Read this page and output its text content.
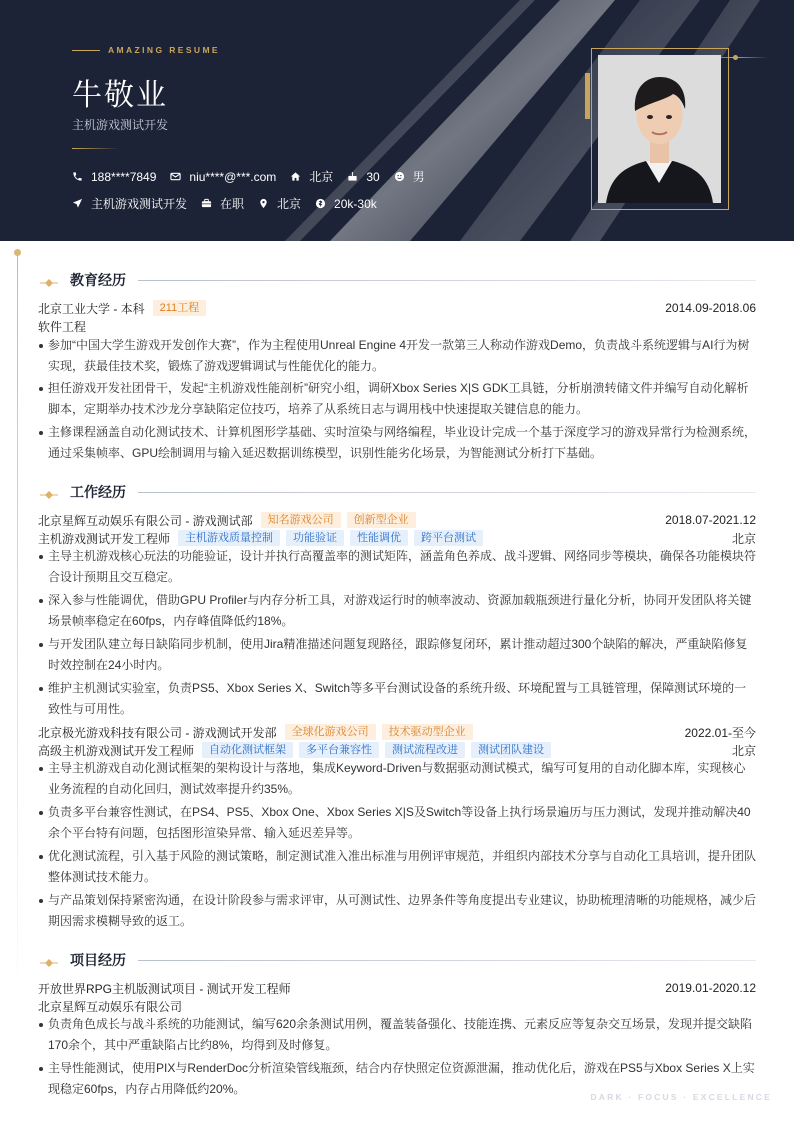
AMAZING RESUME
牛敬业
主机游戏测试开发
188****7849	niu****@***.com	北京	30	男
主机游戏测试开发	在职	北京	20k-30k
教育经历
北京工业大学 - 本科	211工程	2014.09-2018.06
软件工程
参加“中国大学生游戏开发创作大赛”，作为主程使用Unreal Engine 4开发一款第三人称动作游戏Demo，负责战斗系统逻辑与AI行为树实现，获最佳技术奖，锻炼了游戏逻辑调试与性能优化的能力。
担任游戏开发社团骨干，发起“主机游戏性能剖析”研究小组，调研Xbox Series X|S GDK工具链，分析崩溃转储文件并编写自动化解析脚本，定期举办技术沙龙分享缺陷定位技巧，培养了从系统日志与调用栈中快速提取关键信息的能力。
主修课程涵盖自动化测试技术、计算机图形学基础、实时渲染与网络编程，毕业设计完成一个基于深度学习的游戏异常行为检测系统，通过采集帧率、GPU绘制调用与输入延迟数据训练模型，识别性能劣化场景，为智能测试分析打下基础。
工作经历
北京星辉互动娱乐有限公司 - 游戏测试部	知名游戏公司	创新型企业	2018.07-2021.12
主机游戏测试开发工程师	主机游戏质量控制	功能验证	性能调优	跨平台测试	北京
主导主机游戏核心玩法的功能验证，设计并执行高覆盖率的测试矩阵，涵盖角色养成、战斗逻辑、网络同步等模块，确保各功能模块符合设计预期且交互稳定。
深入参与性能调优，借助GPU Profiler与内存分析工具，对游戏运行时的帧率波动、资源加载瓶颈进行量化分析，协同开发团队将关键场景帧率稳定在60fps，内存峰值降低约18%。
与开发团队建立每日缺陷同步机制，使用Jira精准描述问题复现路径，跟踪修复闭环，累计推动超过300个缺陷的解决，严重缺陷修复时效控制在24小时内。
维护主机测试实验室，负责PS5、Xbox Series X、Switch等多平台测试设备的系统升级、环境配置与工具链管理，保障测试环境的一致性与可用性。
北京极光游戏科技有限公司 - 游戏测试开发部	全球化游戏公司	技术驱动型企业	2022.01-至今
高级主机游戏测试开发工程师	自动化测试框架	多平台兼容性	测试流程改进	测试团队建设	北京
主导主机游戏自动化测试框架的架构设计与落地，集成Keyword-Driven与数据驱动测试模式，编写可复用的自动化脚本库，实现核心业务流程的自动化回归，测试效率提升约35%。
负责多平台兼容性测试，在PS4、PS5、Xbox One、Xbox Series X|S及Switch等设备上执行场景遍历与压力测试，发现并推动解决40余个平台特有问题，包括图形渲染异常、输入延迟差异等。
优化测试流程，引入基于风险的测试策略，制定测试准入准出标准与用例评审规范，并组织内部技术分享与自动化工具培训，提升团队整体测试技术能力。
与产品策划保持紧密沟通，在设计阶段参与需求评审，从可测试性、边界条件等角度提出专业建议，协助梳理清晰的功能规格，减少后期因需求模糊导致的返工。
项目经历
开放世界RPG主机版测试项目 - 测试开发工程师	2019.01-2020.12
北京星辉互动娱乐有限公司
负责角色成长与战斗系统的功能测试，编写620余条测试用例，覆盖装备强化、技能连携、元素反应等复杂交互场景，发现并提交缺陷170余个，其中严重缺陷占比约8%，均得到及时修复。
主导性能测试，使用PIX与RenderDoc分析渲染管线瓶颈，结合内存快照定位资源泄漏，推动优化后，游戏在PS5与Xbox Series X上实现稳定60fps，内存占用降低约20%。
DARK · FOCUS · EXCELLENCE
